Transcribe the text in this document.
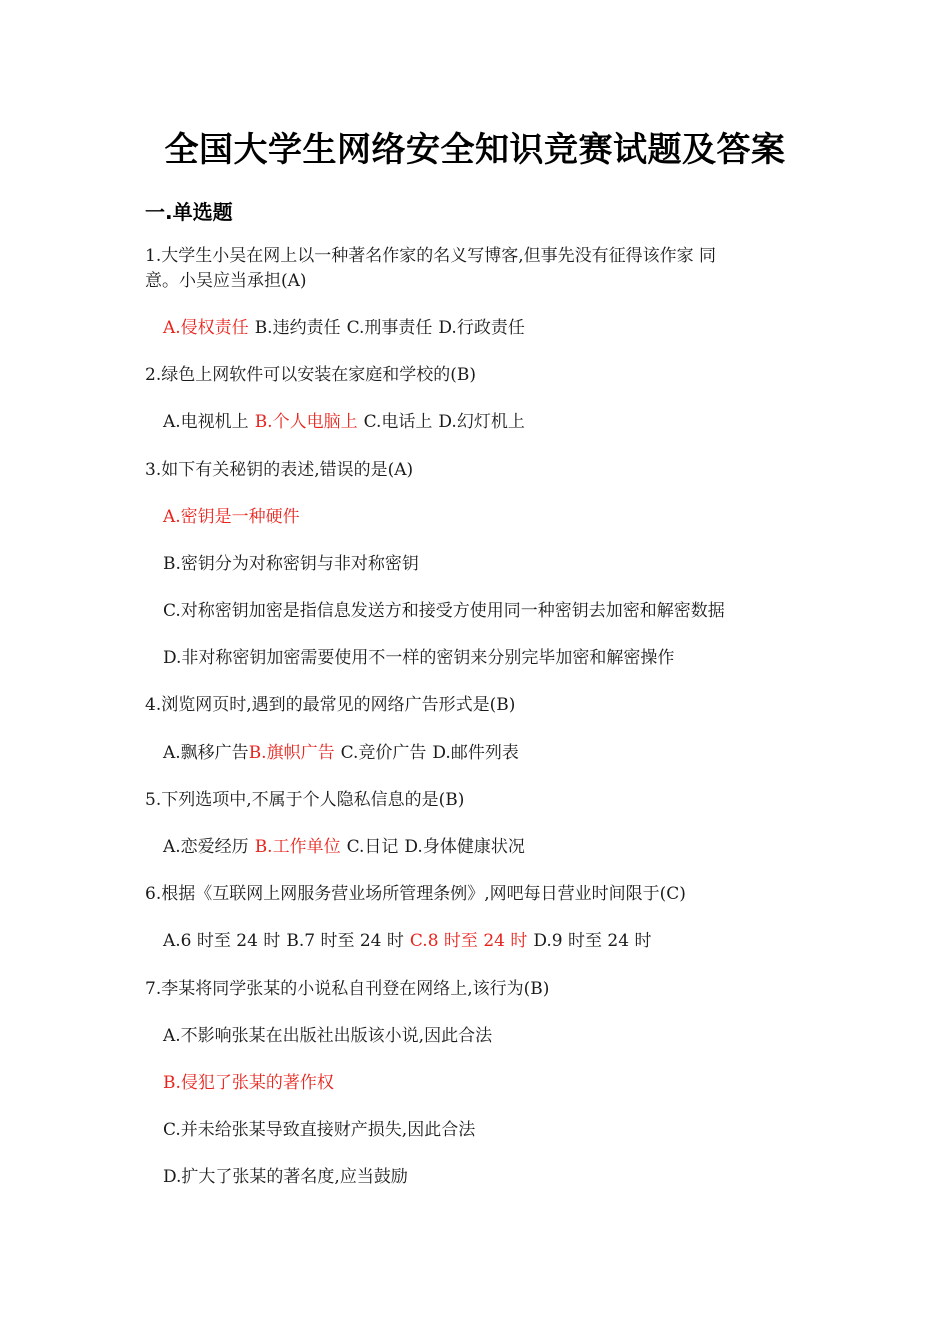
全国大学生网络安全知识竞赛试题及答案
一.单选题
1.大学生小吴在网上以一种著名作家的名义写博客,但事先没有征得该作家 同
意。小吴应当承担(A)
A.侵权责任 B.违约责任 C.刑事责任 D.行政责任
2.绿色上网软件可以安装在家庭和学校的(B)
A.电视机上 B.个人电脑上 C.电话上 D.幻灯机上
3.如下有关秘钥的表述,错误的是(A)
A.密钥是一种硬件
B.密钥分为对称密钥与非对称密钥
C.对称密钥加密是指信息发送方和接受方使用同一种密钥去加密和解密数据
D.非对称密钥加密需要使用不一样的密钥来分别完毕加密和解密操作
4.浏览网页时,遇到的最常见的网络广告形式是(B)
A.飘移广告B.旗帜广告 C.竞价广告 D.邮件列表
5.下列选项中,不属于个人隐私信息的是(B)
A.恋爱经历 B.工作单位 C.日记 D.身体健康状况
6.根据《互联网上网服务营业场所管理条例》,网吧每日营业时间限于(C)
A.6 时至 24 时 B.7 时至 24 时 C.8 时至 24 时 D.9 时至 24 时
7.李某将同学张某的小说私自刊登在网络上,该行为(B)
A.不影响张某在出版社出版该小说,因此合法
B.侵犯了张某的著作权
C.并未给张某导致直接财产损失,因此合法
D.扩大了张某的著名度,应当鼓励
